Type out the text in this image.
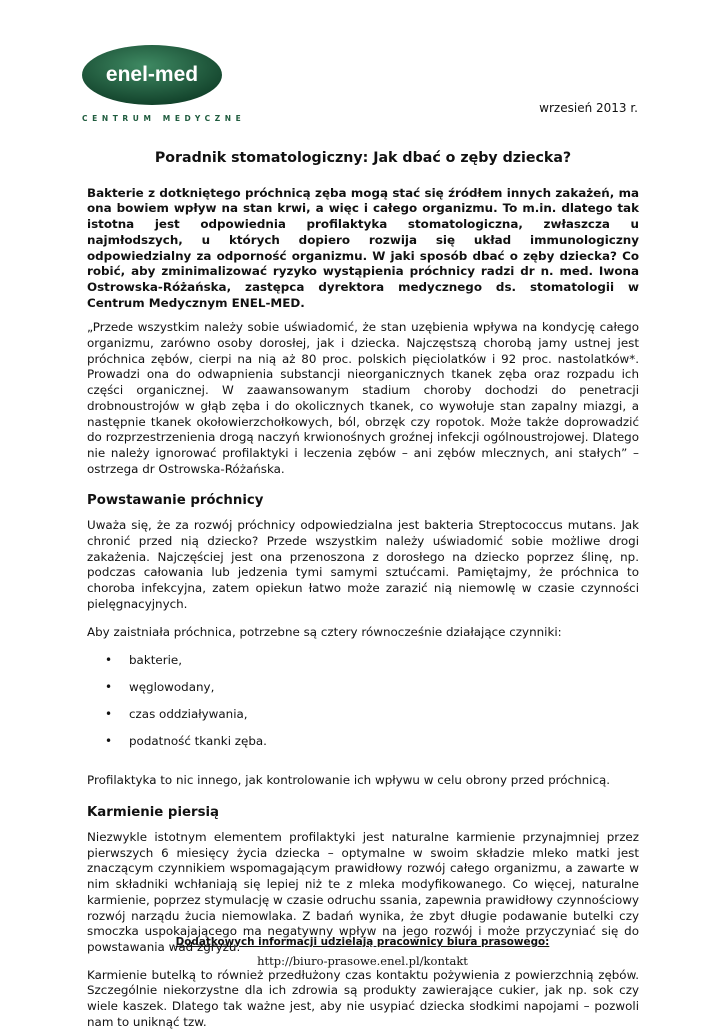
enel-med
CENTRUM MEDYCZNE
wrzesień 2013 r.
Poradnik stomatologiczny: Jak dbać o zęby dziecka?

Bakterie z dotkniętego próchnicą zęba mogą stać się źródłem innych zakażeń, ma ona bowiem wpływ na stan krwi, a więc i całego organizmu. To m.in. dlatego tak istotna jest odpowiednia profilaktyka stomatologiczna, zwłaszcza u najmłodszych, u których dopiero rozwija się układ immunologiczny odpowiedzialny za odporność organizmu. W jaki sposób dbać o zęby dziecka? Co robić, aby zminimalizować ryzyko wystąpienia próchnicy radzi dr n. med. Iwona Ostrowska-Różańska, zastępca dyrektora medycznego ds. stomatologii w Centrum Medycznym ENEL-MED.

„Przede wszystkim należy sobie uświadomić, że stan uzębienia wpływa na kondycję całego organizmu, zarówno osoby dorosłej, jak i dziecka. Najczęstszą chorobą jamy ustnej jest próchnica zębów, cierpi na nią aż 80 proc. polskich pięciolatków i 92 proc. nastolatków*. Prowadzi ona do odwapnienia substancji nieorganicznych tkanek zęba oraz rozpadu ich części organicznej. W zaawansowanym stadium choroby dochodzi do penetracji drobnoustrojów w głąb zęba i do okolicznych tkanek, co wywołuje stan zapalny miazgi, a następnie tkanek okołowierzchołkowych, ból, obrzęk czy ropotok. Może także doprowadzić do rozprzestrzenienia drogą naczyń krwionośnych groźnej infekcji ogólnoustrojowej. Dlatego nie należy ignorować profilaktyki i leczenia zębów – ani zębów mlecznych, ani stałych” – ostrzega dr Ostrowska-Różańska.

Powstawanie próchnicy

Uważa się, że za rozwój próchnicy odpowiedzialna jest bakteria Streptococcus mutans. Jak chronić przed nią dziecko? Przede wszystkim należy uświadomić sobie możliwe drogi zakażenia. Najczęściej jest ona przenoszona z dorosłego na dziecko poprzez ślinę, np. podczas całowania lub jedzenia tymi samymi sztućcami. Pamiętajmy, że próchnica to choroba infekcyjna, zatem opiekun łatwo może zarazić nią niemowlę w czasie czynności pielęgnacyjnych.

Aby zaistniała próchnica, potrzebne są cztery równocześnie działające czynniki:

• bakterie,
• węglowodany,
• czas oddziaływania,
• podatność tkanki zęba.

Profilaktyka to nic innego, jak kontrolowanie ich wpływu w celu obrony przed próchnicą.

Karmienie piersią

Niezwykle istotnym elementem profilaktyki jest naturalne karmienie przynajmniej przez pierwszych 6 miesięcy życia dziecka – optymalne w swoim składzie mleko matki jest znaczącym czynnikiem wspomagającym prawidłowy rozwój całego organizmu, a zawarte w nim składniki wchłaniają się lepiej niż te z mleka modyfikowanego. Co więcej, naturalne karmienie, poprzez stymulację w czasie odruchu ssania, zapewnia prawidłowy czynnościowy rozwój narządu żucia niemowlaka. Z badań wynika, że zbyt długie podawanie butelki czy smoczka uspokajającego ma negatywny wpływ na jego rozwój i może przyczyniać się do powstawania wad zgryzu.

Karmienie butelką to również przedłużony czas kontaktu pożywienia z powierzchnią zębów. Szczególnie niekorzystne dla ich zdrowia są produkty zawierające cukier, jak np. sok czy wiele kaszek. Dlatego tak ważne jest, aby nie usypiać dziecka słodkimi napojami – pozwoli nam to uniknąć tzw.

Dodatkowych informacji udzielają pracownicy biura prasowego:
http://biuro-prasowe.enel.pl/kontakt
